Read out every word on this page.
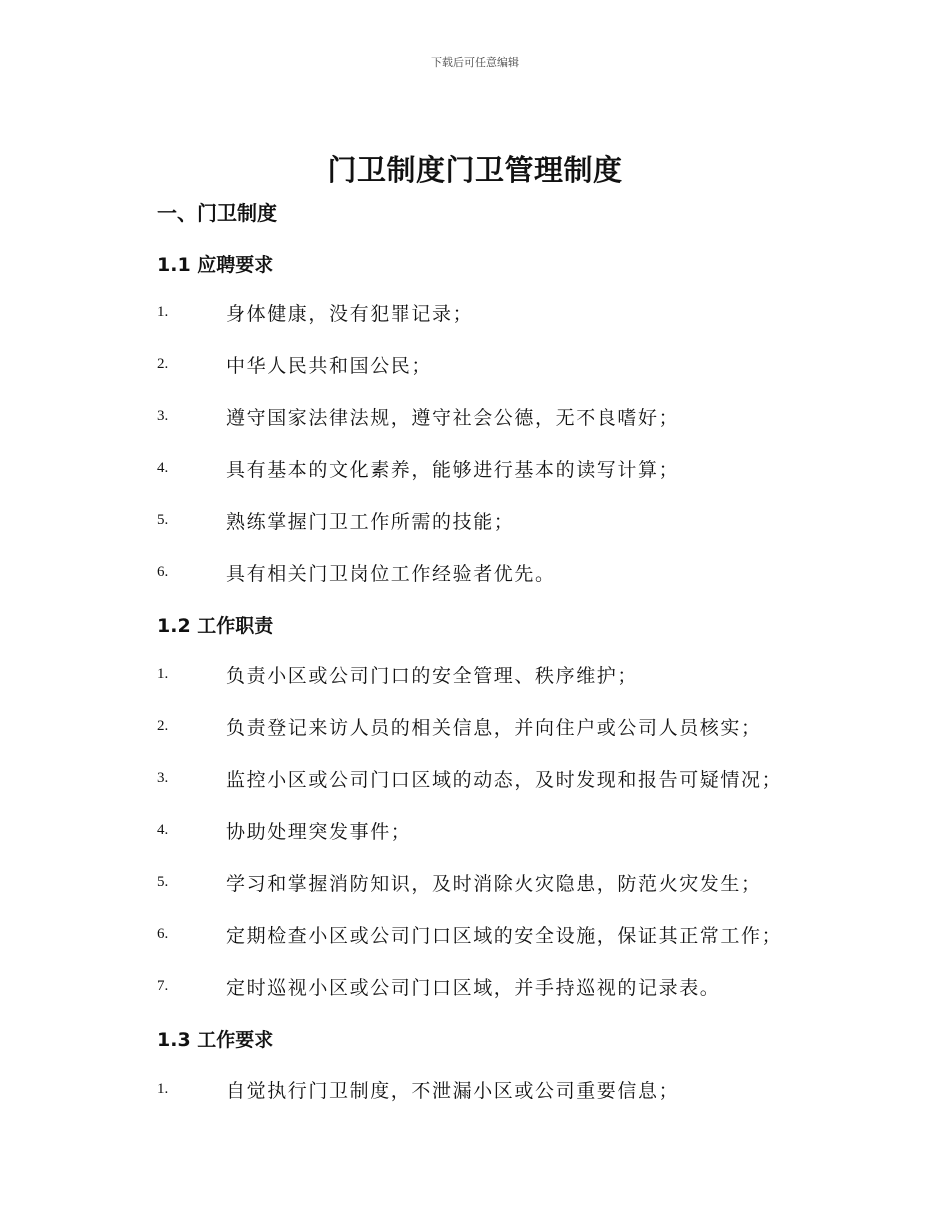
下载后可任意编辑
门卫制度门卫管理制度
一、门卫制度
1.1 应聘要求
1.	身体健康，没有犯罪记录；
2.	中华人民共和国公民；
3.	遵守国家法律法规，遵守社会公德，无不良嗜好；
4.	具有基本的文化素养，能够进行基本的读写计算；
5.	熟练掌握门卫工作所需的技能；
6.	具有相关门卫岗位工作经验者优先。
1.2 工作职责
1.	负责小区或公司门口的安全管理、秩序维护；
2.	负责登记来访人员的相关信息，并向住户或公司人员核实；
3.	监控小区或公司门口区域的动态，及时发现和报告可疑情况；
4.	协助处理突发事件；
5.	学习和掌握消防知识，及时消除火灾隐患，防范火灾发生；
6.	定期检查小区或公司门口区域的安全设施，保证其正常工作；
7.	定时巡视小区或公司门口区域，并手持巡视的记录表。
1.3 工作要求
1.	自觉执行门卫制度，不泄漏小区或公司重要信息；
